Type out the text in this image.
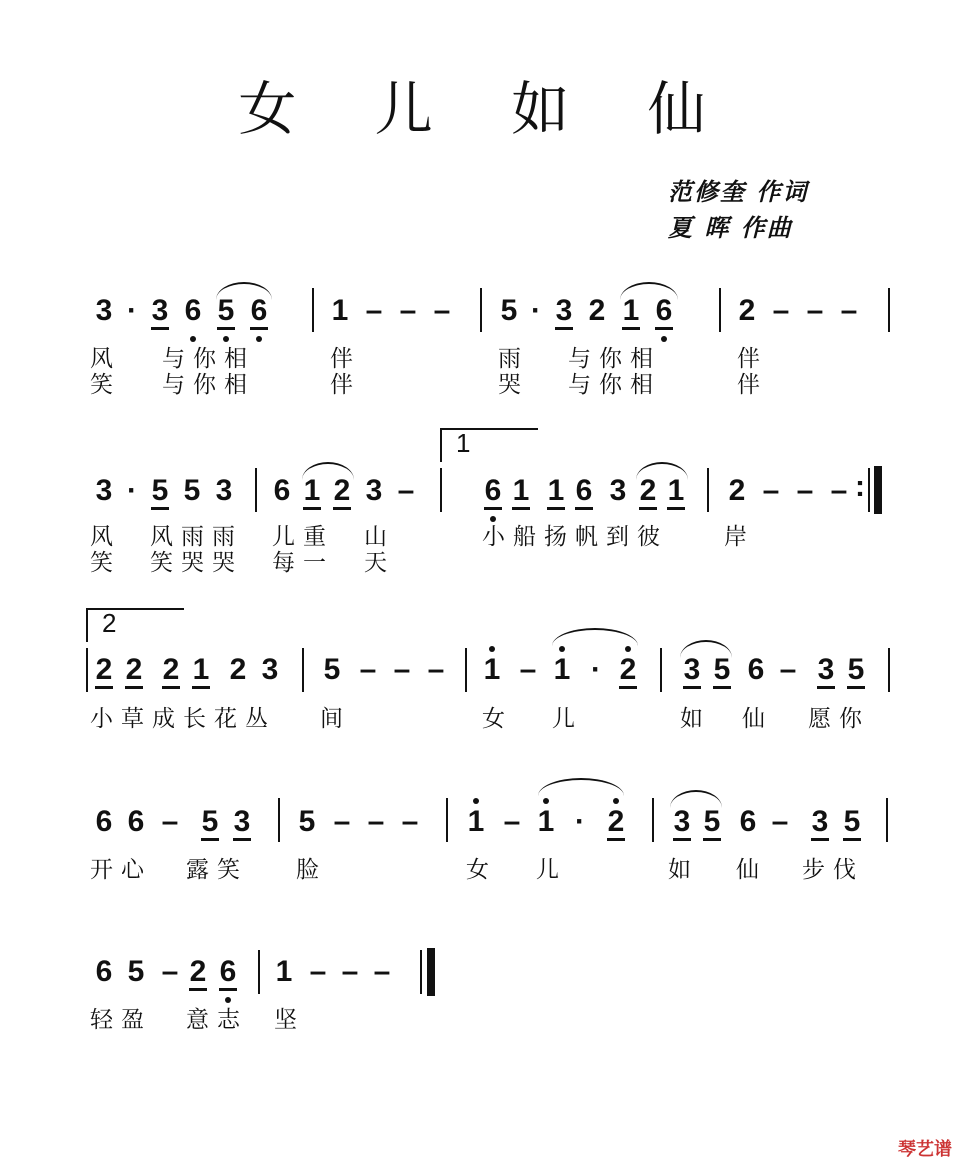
女 儿 如 仙
范修奎 作词
夏 晖 作曲
3 · 3 6 5 6 1 – – – 5 · 3 2 1 6 2 – – –
3 · 5 5 3 6 1 2 3 – 6 1 1 6 3 2 1 2 – – –
2 2 2 1 2 3 5 – – – 1 – 1 · 2 3 5 6 – 3 5
6 6 – 5 3 5 – – – 1 – 1 · 2 3 5 6 – 3 5
6 5 – 2 6 1 – – –
风 与你相	伴	雨 与你相	伴
笑 与你相	伴	哭 与你相	伴
风 风雨雨 儿重 山	小船扬帆到彼 岸
笑 笑哭哭 每一 天
小草成长花丛 间	女 儿	如 仙 愿你
开心 露笑 脸	女 儿	如 仙 步伐
轻盈 意志 坚
:
1
2
琴艺谱
